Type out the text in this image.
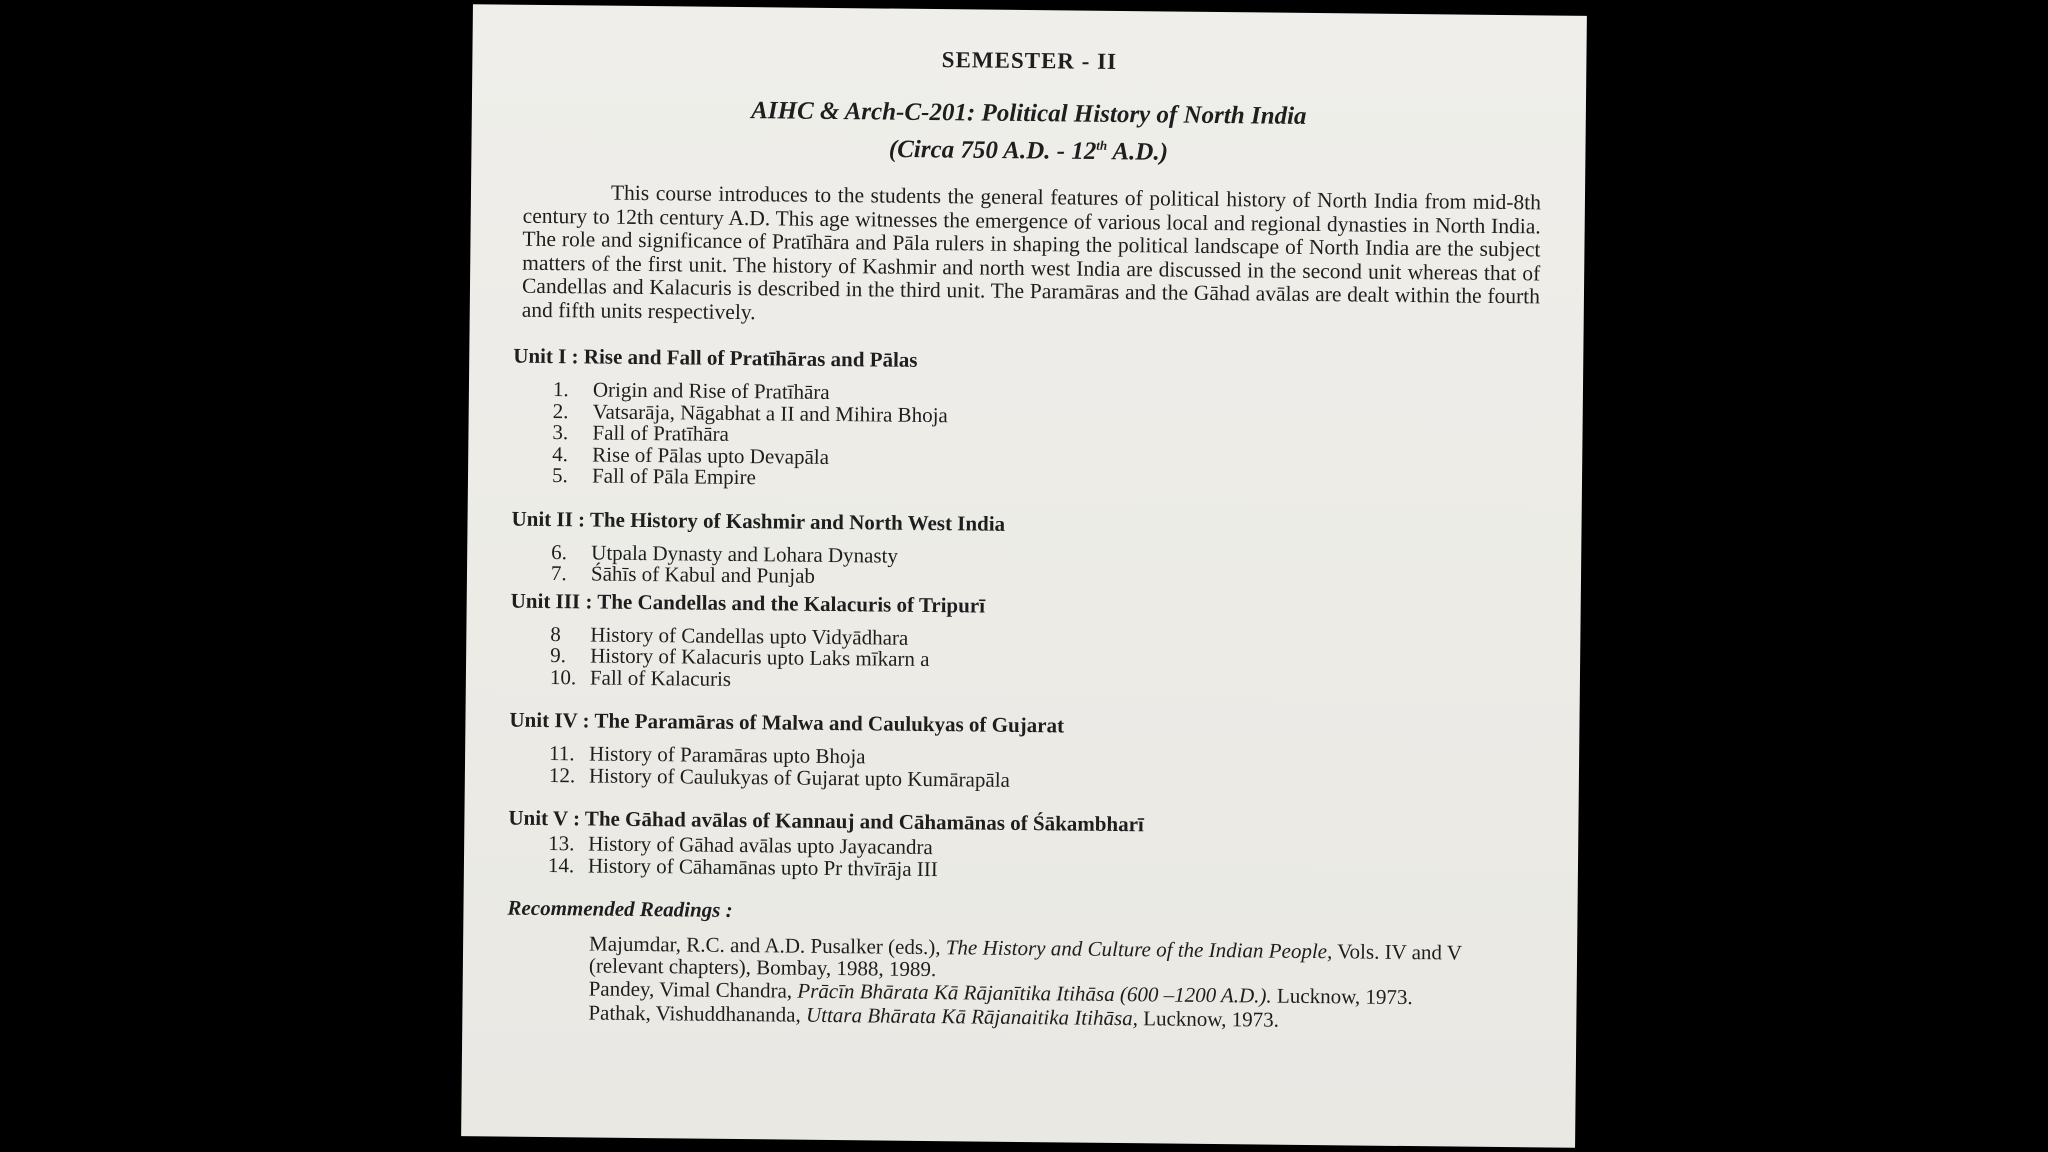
SEMESTER - II
AIHC & Arch-C-201: Political History of North India
(Circa 750 A.D. - 12th A.D.)

This course introduces to the students the general features of political history of North India from mid-8th century to 12th century A.D. This age witnesses the emergence of various local and regional dynasties in North India. The role and significance of Pratīhāra and Pāla rulers in shaping the political landscape of North India are the subject matters of the first unit. The history of Kashmir and north west India are discussed in the second unit whereas that of Candellas and Kalacuris is described in the third unit. The Paramāras and the Gāhad avālas are dealt within the fourth and fifth units respectively.

Unit I : Rise and Fall of Pratīhāras and Pālas
1.	Origin and Rise of Pratīhāra
2.	Vatsarāja, Nāgabhat a II and Mihira Bhoja
3.	Fall of Pratīhāra
4.	Rise of Pālas upto Devapāla
5.	Fall of Pāla Empire
Unit II : The History of Kashmir and North West India
6.	Utpala Dynasty and Lohara Dynasty
7.	Śāhīs of Kabul and Punjab
Unit III : The Candellas and the Kalacuris of Tripurī
8	History of Candellas upto Vidyādhara
9.	History of Kalacuris upto Laks mīkarn a
10. Fall of Kalacuris
Unit IV : The Paramāras of Malwa and Caulukyas of Gujarat
11. History of Paramāras upto Bhoja
12. History of Caulukyas of Gujarat upto Kumārapāla
Unit V : The Gāhad avālas of Kannauj and Cāhamānas of Śākambharī
13. History of Gāhad avālas upto Jayacandra
14. History of Cāhamānas upto Pr thvīrāja III
Recommended Readings :
Majumdar, R.C. and A.D. Pusalker (eds.), The History and Culture of the Indian People, Vols. IV and V (relevant chapters), Bombay, 1988, 1989.
Pandey, Vimal Chandra, Prācīn Bhārata Kā Rājanītika Itihāsa (600 –1200 A.D.). Lucknow, 1973.
Pathak, Vishuddhananda, Uttara Bhārata Kā Rājanaitika Itihāsa, Lucknow, 1973.
